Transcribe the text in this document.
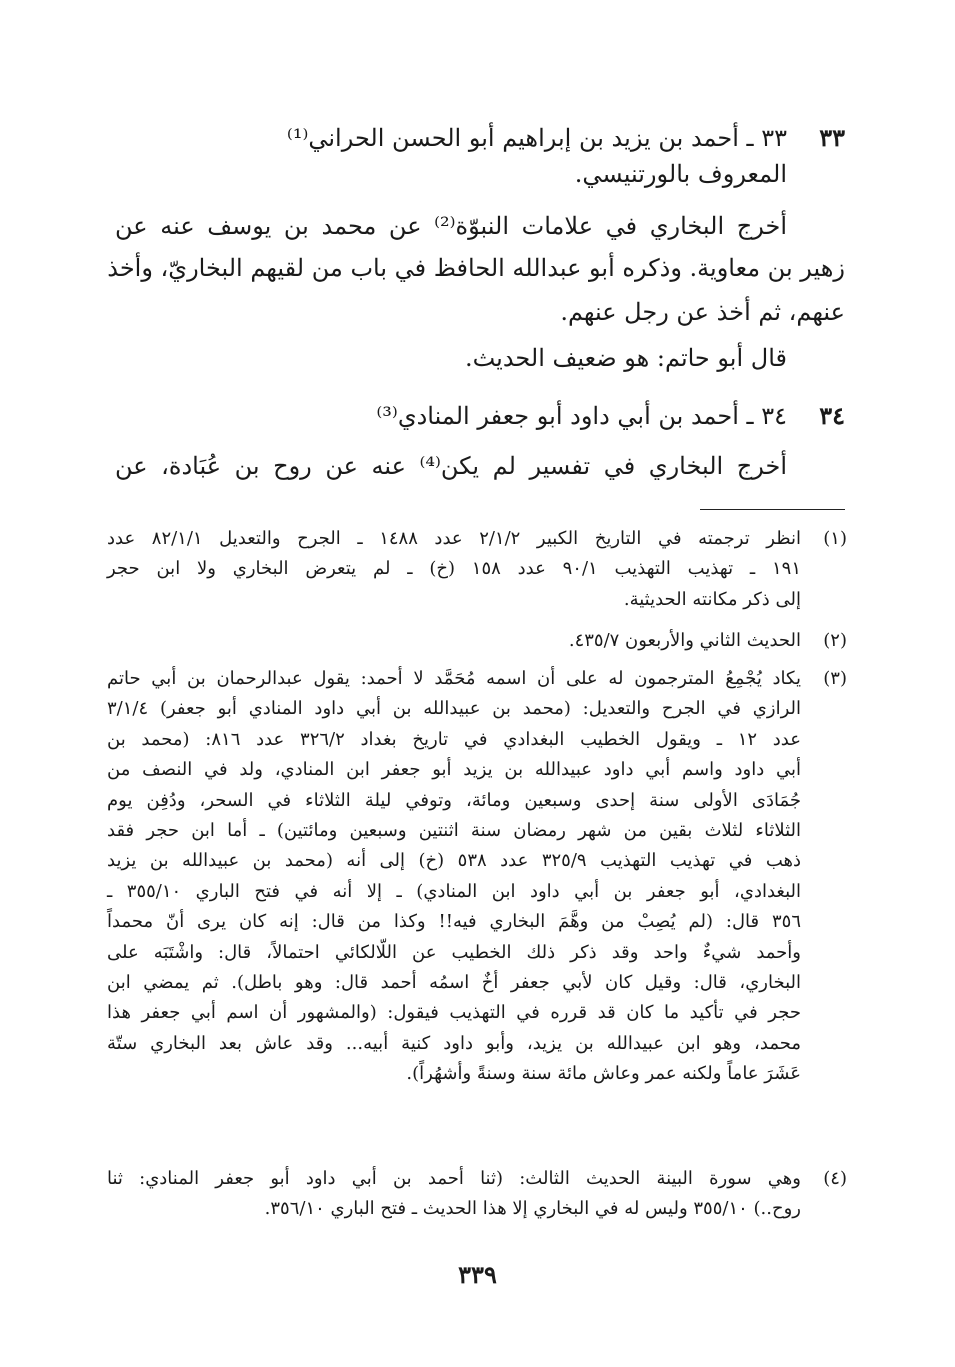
٣٣
٣٣ ـ أحمد بن يزيد بن إبراهيم أبو الحسن الحراني⁽¹⁾
المعروف بالورتنيسي.
أخرج البخاري في علامات النبوّة⁽²⁾ عن محمد بن يوسف عنه عن
زهير بن معاوية. وذكره أبو عبدالله الحافظ في باب من لقيهم البخاريّ، وأخذ
عنهم، ثم أخذ عن رجل عنهم.
قال أبو حاتم: هو ضعيف الحديث.
٣٤
٣٤ ـ أحمد بن أبي داود أبو جعفر المنادي⁽³⁾
أخرج البخاري في تفسير لم يكن⁽⁴⁾ عنه عن روح بن عُبَادة، عن
(١)
انظر ترجمته في التاريخ الكبير ٢/١/٢ عدد ١٤٨٨ ـ الجرح والتعديل ٨٢/١/١ عدد
١٩١ ـ تهذيب التهذيب ٩٠/١ عدد ١٥٨ (خ) ـ لم يتعرض البخاري ولا ابن حجر
إلى ذكر مكانته الحديثية.
(٢)
الحديث الثاني والأربعون ٤٣٥/٧.
(٣)
يكاد يُجْمِعُ المترجمون له على أن اسمه مُحَمَّد لا أحمد: يقول عبدالرحمان بن أبي حاتم
الرازي في الجرح والتعديل: (محمد بن عبيدالله بن أبي داود المنادي أبو جعفر) ٣/١/٤
عدد ١٢ ـ ويقول الخطيب البغدادي في تاريخ بغداد ٣٢٦/٢ عدد ٨١٦: (محمد بن
أبي داود واسم أبي داود عبيدالله بن يزيد أبو جعفر ابن المنادي، ولد في النصف من
جُمَادَى الأولى سنة إحدى وسبعين ومائة، وتوفي ليلة الثلاثاء في السحر، ودُفِن يوم
الثلاثاء لثلاث بقين من شهر رمضان سنة اثنتين وسبعين ومائتين) ـ أما ابن حجر فقد
ذهب في تهذيب التهذيب ٣٢٥/٩ عدد ٥٣٨ (خ) إلى أنه (محمد بن عبيدالله بن يزيد
البغدادي، أبو جعفر بن أبي داود ابن المنادي) ـ إلا أنه في فتح الباري ٣٥٥/١٠ ـ
٣٥٦ قال: (لم يُصِبْ من وهَّمَ البخاري فيه!! وكذا من قال: إنه كان يرى أنّ محمداً
وأحمد شيءٌ واحد وقد ذكر ذلك الخطيب عن اللّالكائي احتمالاً، قال: واشْتَبَه على
البخاري، قال: وقيل كان لأبي جعفر أخٌ اسمُه أحمد قال: وهو باطل). ثم يمضي ابن
حجر في تأكيد ما كان قد قرره في التهذيب فيقول: (والمشهور أن اسم أبي جعفر هذا
محمد، وهو ابن عبيدالله بن يزيد، وأبو داود كنية أبيه... وقد عاش بعد البخاري ستّة
عَشَرَ عاماً ولكنه عمر وعاش مائة سنة وسنةً وأشهُراً).
(٤)
وهي سورة البينة الحديث الثالث: (ثنا أحمد بن أبي داود أبو جعفر المنادي: ثنا
روح..) ٣٥٥/١٠ وليس له في البخاري إلا هذا الحديث ـ فتح الباري ٣٥٦/١٠.
٣٣٩
